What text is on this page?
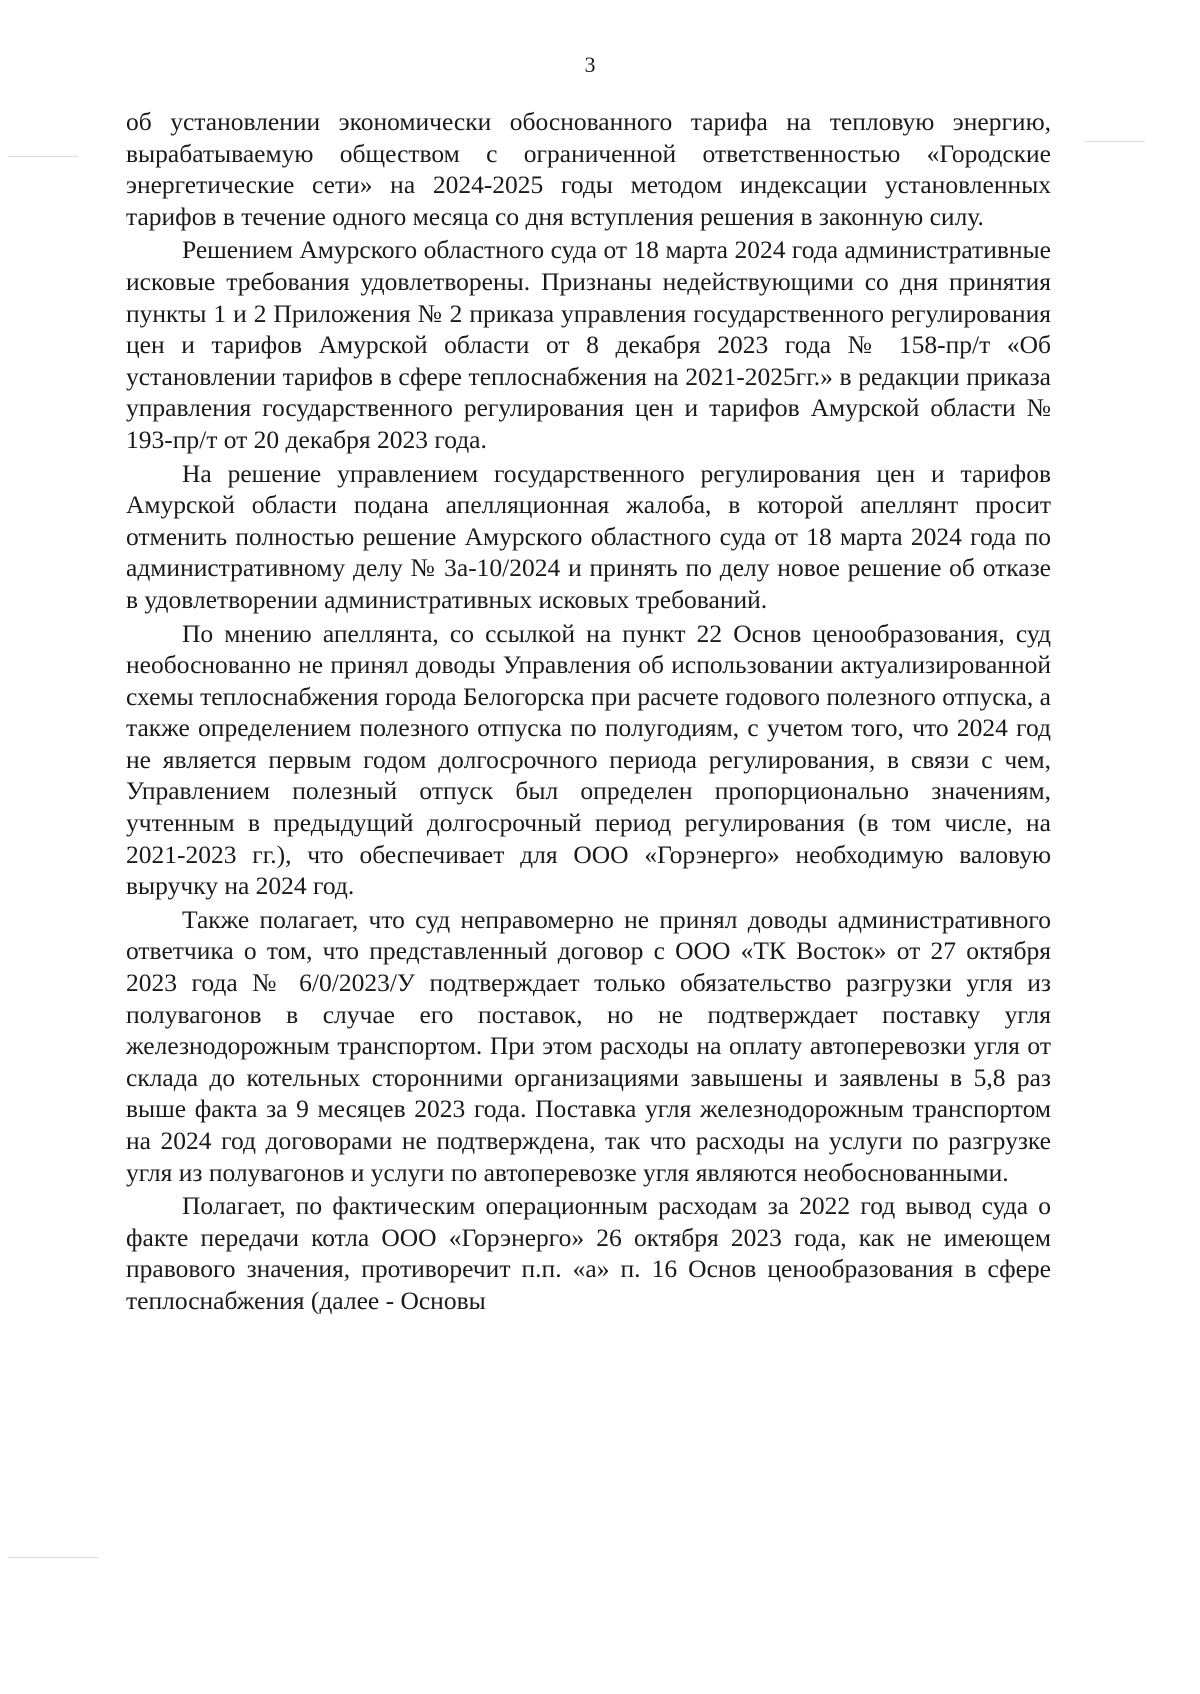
3

об установлении экономически обоснованного тарифа на тепловую энергию, вырабатываемую обществом с ограниченной ответственностью «Городские энергетические сети» на 2024-2025 годы методом индексации установленных тарифов в течение одного месяца со дня вступления решения в законную силу.

Решением Амурского областного суда от 18 марта 2024 года административные исковые требования удовлетворены. Признаны недействующими со дня принятия пункты 1 и 2 Приложения № 2 приказа управления государственного регулирования цен и тарифов Амурской области от 8 декабря 2023 года № 158-пр/т «Об установлении тарифов в сфере теплоснабжения на 2021-2025гг.» в редакции приказа управления государственного регулирования цен и тарифов Амурской области № 193-пр/т от 20 декабря 2023 года.

На решение управлением государственного регулирования цен и тарифов Амурской области подана апелляционная жалоба, в которой апеллянт просит отменить полностью решение Амурского областного суда от 18 марта 2024 года по административному делу № 3а-10/2024 и принять по делу новое решение об отказе в удовлетворении административных исковых требований.

По мнению апеллянта, со ссылкой на пункт 22 Основ ценообразования, суд необоснованно не принял доводы Управления об использовании актуализированной схемы теплоснабжения города Белогорска при расчете годового полезного отпуска, а также определением полезного отпуска по полугодиям, с учетом того, что 2024 год не является первым годом долгосрочного периода регулирования, в связи с чем, Управлением полезный отпуск был определен пропорционально значениям, учтенным в предыдущий долгосрочный период регулирования (в том числе, на 2021-2023 гг.), что обеспечивает для ООО «Горэнерго» необходимую валовую выручку на 2024 год.

Также полагает, что суд неправомерно не принял доводы административного ответчика о том, что представленный договор с ООО «ТК Восток» от 27 октября 2023 года № 6/0/2023/У подтверждает только обязательство разгрузки угля из полувагонов в случае его поставок, но не подтверждает поставку угля железнодорожным транспортом. При этом расходы на оплату автоперевозки угля от склада до котельных сторонними организациями завышены и заявлены в 5,8 раз выше факта за 9 месяцев 2023 года. Поставка угля железнодорожным транспортом на 2024 год договорами не подтверждена, так что расходы на услуги по разгрузке угля из полувагонов и услуги по автоперевозке угля являются необоснованными.

Полагает, по фактическим операционным расходам за 2022 год вывод суда о факте передачи котла ООО «Горэнерго» 26 октября 2023 года, как не имеющем правового значения, противоречит п.п. «а» п. 16 Основ ценообразования в сфере теплоснабжения (далее - Основы
